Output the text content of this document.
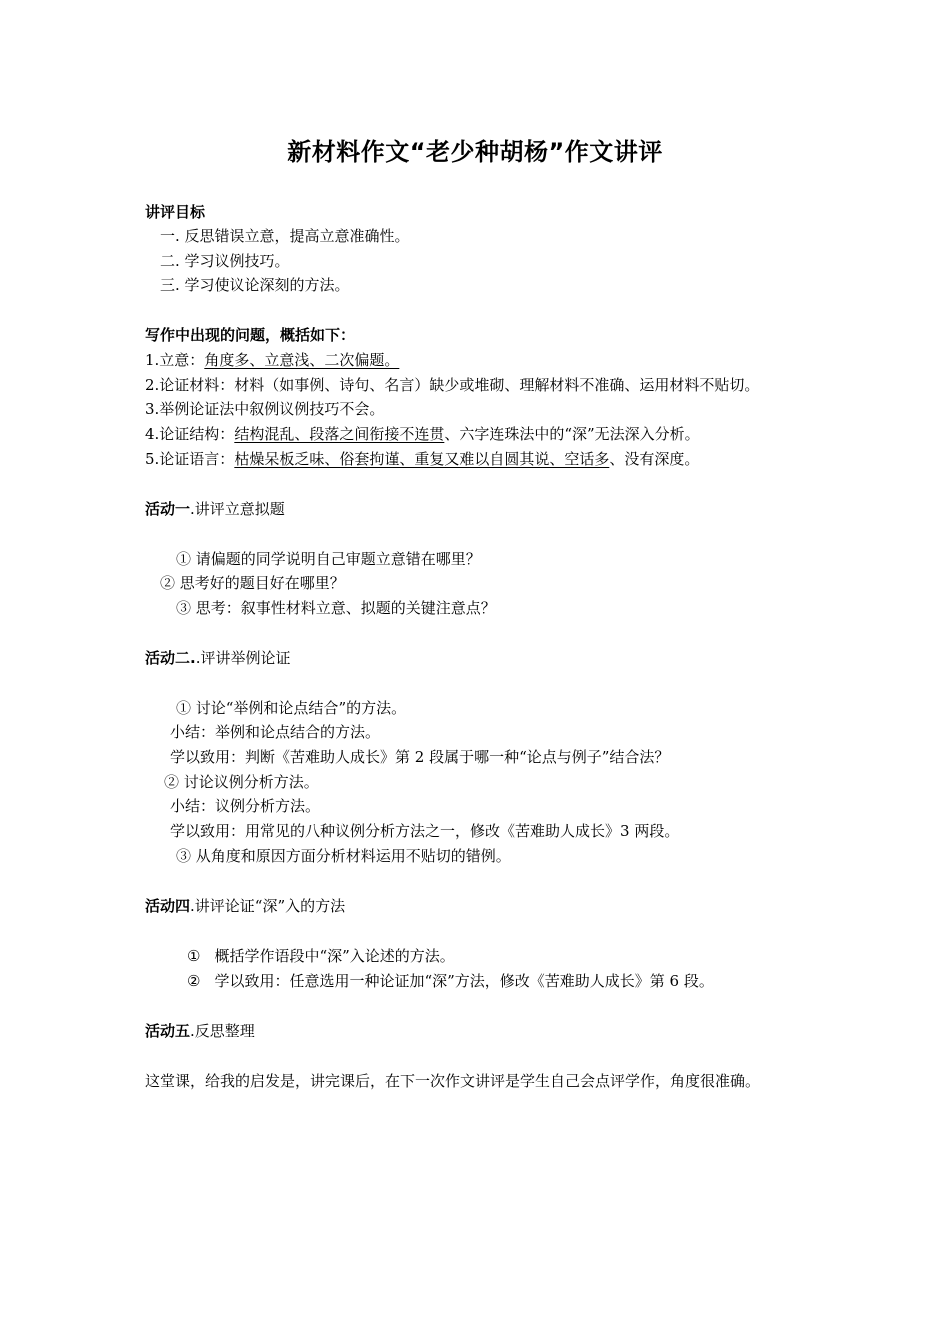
新材料作文“老少种胡杨”作文讲评
讲评目标
一. 反思错误立意，提高立意准确性。
二. 学习议例技巧。
三. 学习使议论深刻的方法。
写作中出现的问题，概括如下：
1.立意：角度多、立意浅、二次偏题。
2.论证材料：材料（如事例、诗句、名言）缺少或堆砌、理解材料不准确、运用材料不贴切。
3.举例论证法中叙例议例技巧不会。
4.论证结构：结构混乱、段落之间衔接不连贯、六字连珠法中的“深”无法深入分析。
5.论证语言：枯燥呆板乏味、俗套拘谨、重复又难以自圆其说、空话多、没有深度。
活动一.讲评立意拟题
① 请偏题的同学说明自己审题立意错在哪里？
② 思考好的题目好在哪里？
③ 思考：叙事性材料立意、拟题的关键注意点？
活动二..评讲举例论证
① 讨论“举例和论点结合”的方法。
小结：举例和论点结合的方法。
学以致用：判断《苦难助人成长》第 2 段属于哪一种“论点与例子”结合法？
② 讨论议例分析方法。
小结：议例分析方法。
学以致用：用常见的八种议例分析方法之一，修改《苦难助人成长》3 两段。
③ 从角度和原因方面分析材料运用不贴切的错例。
活动四.讲评论证“深”入的方法
① 概括学作语段中“深”入论述的方法。
② 学以致用：任意选用一种论证加“深”方法，修改《苦难助人成长》第 6 段。
活动五.反思整理
这堂课，给我的启发是，讲完课后，在下一次作文讲评是学生自己会点评学作，角度很准确。
